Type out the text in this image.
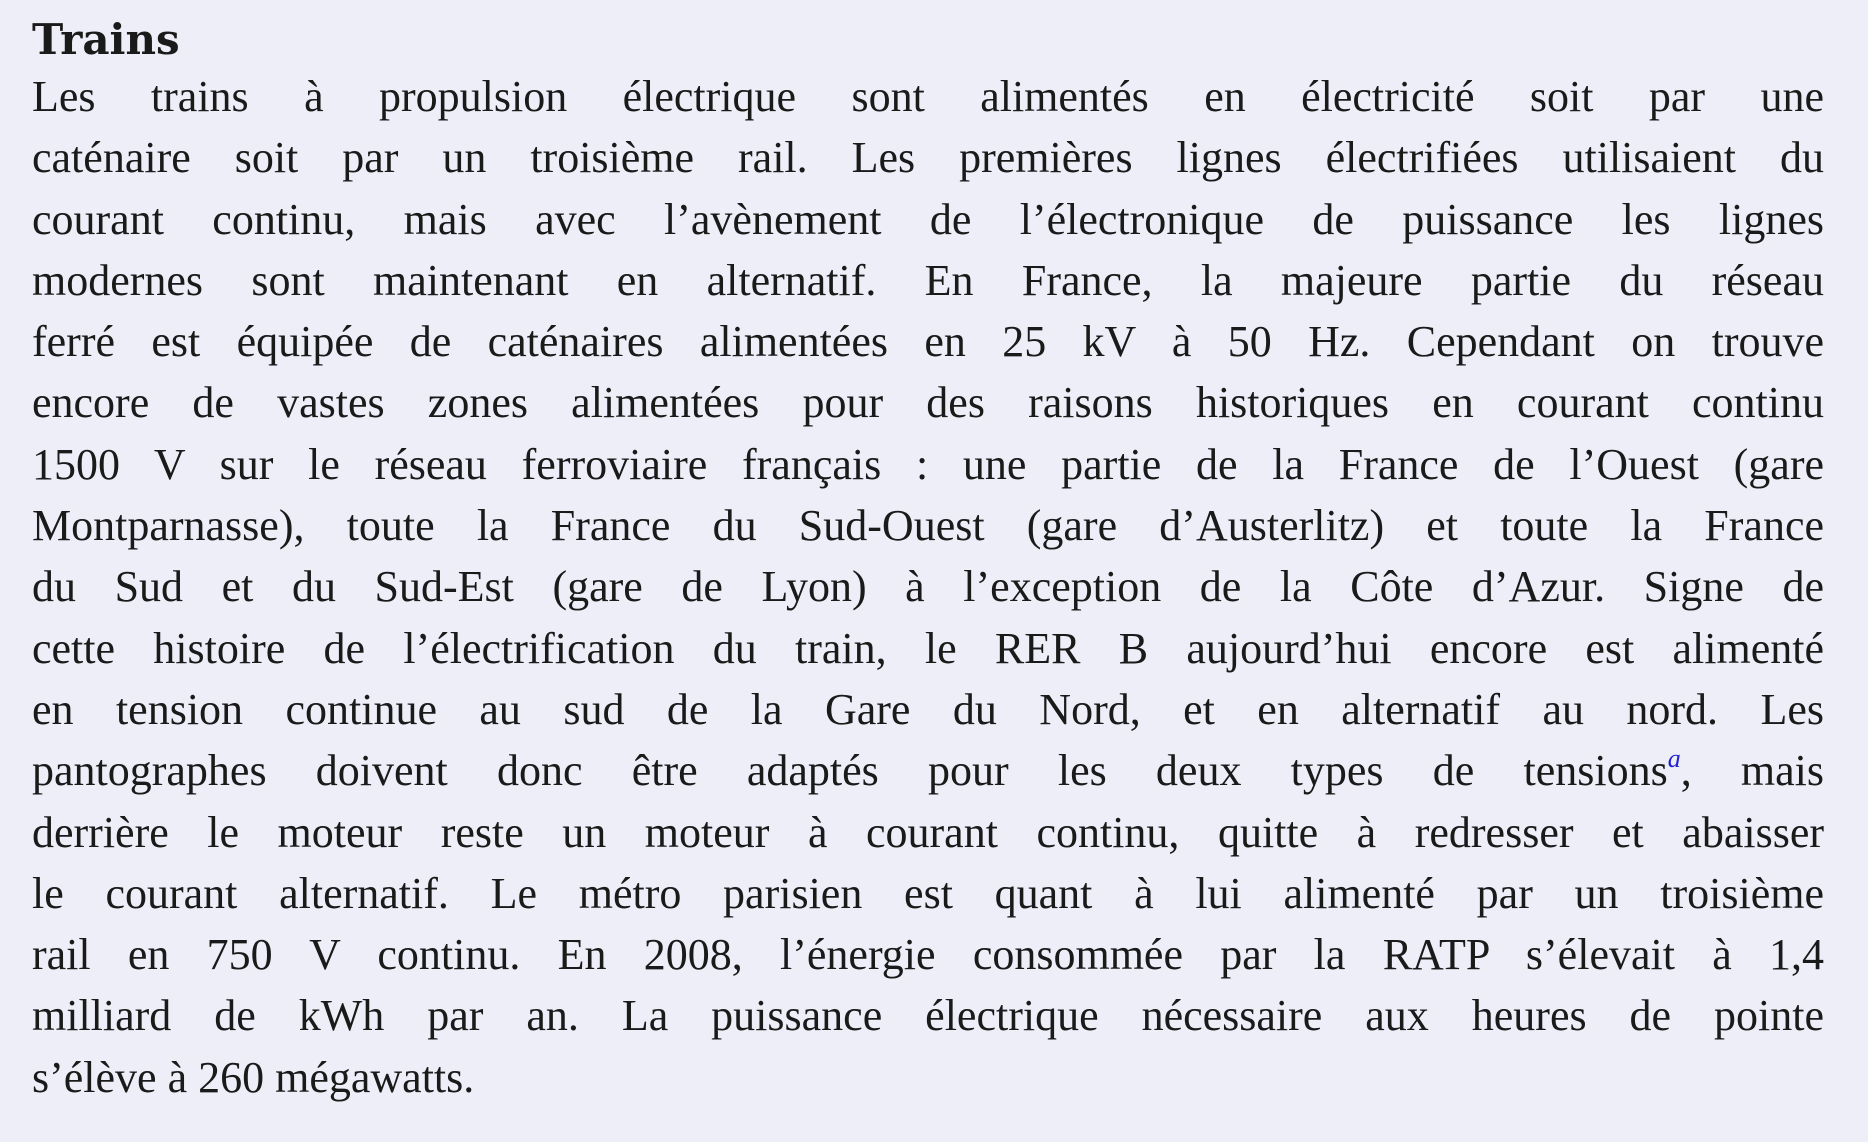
Trains
Les trains à propulsion électrique sont alimentés en électricité soit par une
caténaire soit par un troisième rail. Les premières lignes électrifiées utilisaient du
courant continu, mais avec l’avènement de l’électronique de puissance les lignes
modernes sont maintenant en alternatif. En France, la majeure partie du réseau
ferré est équipée de caténaires alimentées en 25 kV à 50 Hz. Cependant on trouve
encore de vastes zones alimentées pour des raisons historiques en courant continu
1500 V sur le réseau ferroviaire français : une partie de la France de l’Ouest (gare
Montparnasse), toute la France du Sud-Ouest (gare d’Austerlitz) et toute la France
du Sud et du Sud-Est (gare de Lyon) à l’exception de la Côte d’Azur. Signe de
cette histoire de l’électrification du train, le RER B aujourd’hui encore est alimenté
en tension continue au sud de la Gare du Nord, et en alternatif au nord. Les
pantographes doivent donc être adaptés pour les deux types de tensions$^a$, mais
derrière le moteur reste un moteur à courant continu, quitte à redresser et abaisser
le courant alternatif. Le métro parisien est quant à lui alimenté par un troisième
rail en 750 V continu. En 2008, l’énergie consommée par la RATP s’élevait à 1,4
milliard de kWh par an. La puissance électrique nécessaire aux heures de pointe
s’élève à 260 mégawatts.
